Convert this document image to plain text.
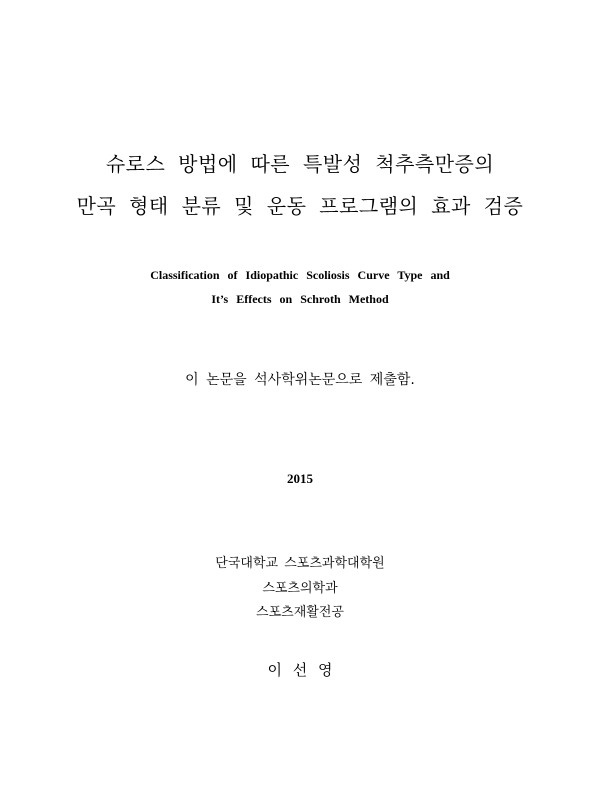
슈로스 방법에 따른 특발성 척추측만증의
만곡 형태 분류 및 운동 프로그램의 효과 검증
Classification of Idiopathic Scoliosis Curve Type and
It’s Effects on Schroth Method
이 논문을 석사학위논문으로 제출함.
2015
단국대학교 스포츠과학대학원
스포츠의학과
스포츠재활전공
이 선 영
